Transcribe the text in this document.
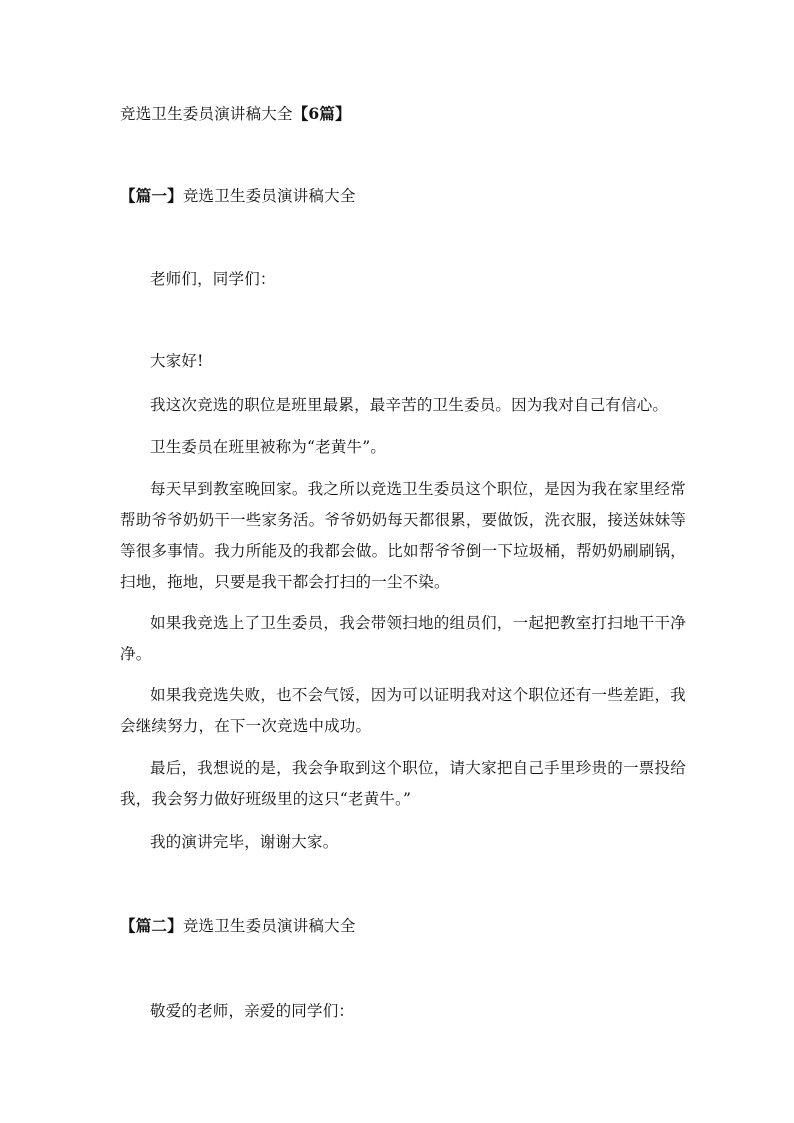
竞选卫生委员演讲稿大全【6篇】
【篇一】竞选卫生委员演讲稿大全
老师们，同学们：
大家好!
我这次竞选的职位是班里最累，最辛苦的卫生委员。因为我对自己有信心。
卫生委员在班里被称为“老黄牛”。
每天早到教室晚回家。我之所以竞选卫生委员这个职位，是因为我在家里经常帮助爷爷奶奶干一些家务活。爷爷奶奶每天都很累，要做饭，洗衣服，接送妹妹等等很多事情。我力所能及的我都会做。比如帮爷爷倒一下垃圾桶，帮奶奶刷刷锅，扫地，拖地，只要是我干都会打扫的一尘不染。
如果我竞选上了卫生委员，我会带领扫地的组员们，一起把教室打扫地干干净净。
如果我竞选失败，也不会气馁，因为可以证明我对这个职位还有一些差距，我会继续努力，在下一次竞选中成功。
最后，我想说的是，我会争取到这个职位，请大家把自己手里珍贵的一票投给我，我会努力做好班级里的这只“老黄牛。”
我的演讲完毕，谢谢大家。
【篇二】竞选卫生委员演讲稿大全
敬爱的老师，亲爱的同学们：
